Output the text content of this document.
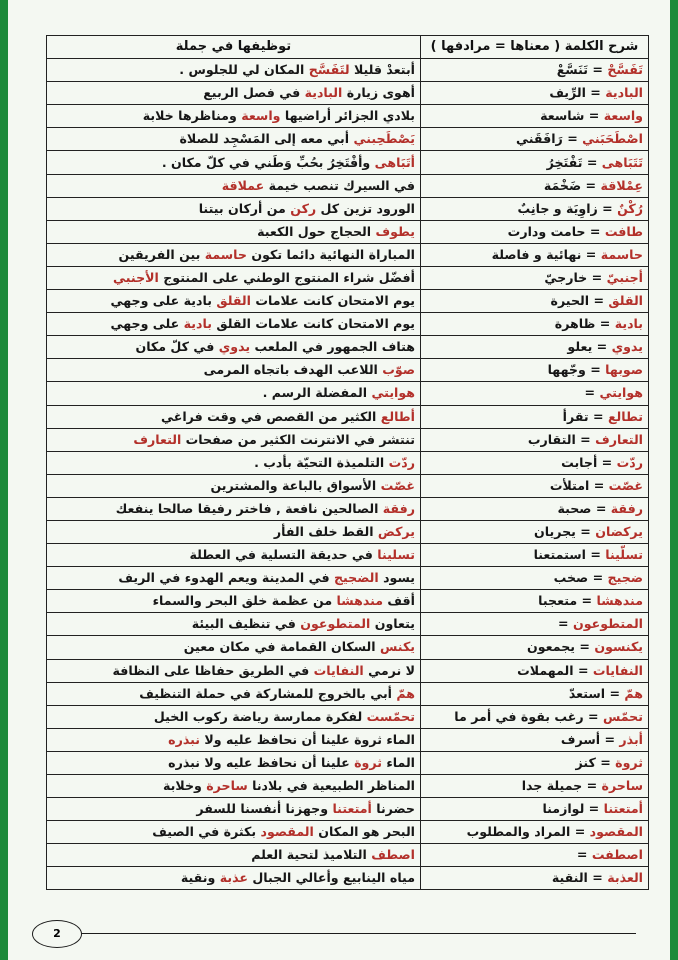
شرح الكلمة ( معناها = مرادفها )	توظيفها في جملة
تَفَسَّحْ = تَنَسَّعْ	أبتعدْ قليلا لتَفَسَّح المكان لي للجلوس .
البادية = الرِّيف	أهوى زيارة البادية في فصل الربيع
واسعة = شاسعة	بلادي الجزائر أراضيها واسعة ومناظرها خلابة
اصْطَحَبَني = رَافَقَني	يَصْطَحِبني أبي معه إلى المَسْجِد للصلاة
تَتَبَاهى = تَفْتَخِرُ	أتَبَاهى وأفْتَخِرُ بحُبِّ وَطَني في كلّ مكان .
عِمْلاقة = ضَخْمَة	في السيرك تنصب خيمة عملاقة
رُكْنٌ = زاوِيَة و جانِبٌ	الورود تزين كل ركن من أركان بيتنا
طافت = حامت ودارت	يطوف الحجاج حول الكعبة
حاسمة = نهائية و فاصلة	المباراة النهائية دائما تكون حاسمة بين الفريقين
أجنبيّ = خارجيّ	أفضّل شراء المنتوج الوطني على المنتوج الأجنبي
القلق = الحيرة	يوم الامتحان كانت علامات القلق بادية على وجهي
بادية = ظاهرة	يوم الامتحان كانت علامات القلق بادية على وجهي
يدوي = يعلو	هتاف الجمهور في الملعب يدوي في كلّ مكان
صوبها = وجّهها	صوّب اللاعب الهدف باتجاه المرمى
هوايتي =	هوايتي المفضلة الرسم .
تطالع = تقرأ	أطالع الكثير من القصص في وقت فراغي
التعارف = التقارب	تنتشر في الانترنت الكثير من صفحات التعارف
ردّت = أجابت	ردّت التلميذة التحيّة بأدب .
غصّت = امتلأت	غصّت الأسواق بالباعة والمشترين
رفقة = صحبة	رفقة الصالحين نافعة , فاختر رفيقا صالحا ينفعك
يركضان = يجريان	يركض القط خلف الفأر
تسلّينا = استمتعنا	تسلينا في حديقة التسلية في العطلة
ضجيج = صخب	يسود الضجيج في المدينة ويعم الهدوء في الريف
مندهشا = متعجبا	أقف مندهشا من عظمة خلق البحر والسماء
المتطوعون =	يتعاون المتطوعون في تنظيف البيئة
يكنسون = يجمعون	يكنس السكان القمامة في مكان معين
النفايات = المهملات	لا نرمي النفايات في الطريق حفاظا على النظافة
همّ = استعدّ	همّ أبي بالخروج للمشاركة في حملة التنظيف
تحمّس = رغب بقوة في أمر ما	تحمّست لفكرة ممارسة رياضة ركوب الخيل
أبذر = أسرف	الماء ثروة علينا أن نحافظ عليه ولا نبذره
ثروة = كنز	الماء ثروة علينا أن نحافظ عليه ولا نبذره
ساحرة = جميلة جدا	المناظر الطبيعية في بلادنا ساحرة وخلابة
أمتعتنا = لوازمنا	حضرنا أمتعتنا وجهزنا أنفسنا للسفر
المقصود = المراد والمطلوب	البحر هو المكان المقصود بكثرة في الصيف
اصطفت =	اصطف التلاميذ لتحية العلم
العذبة = النقية	مياه الينابيع وأعالي الجبال عذبة ونقية
2
